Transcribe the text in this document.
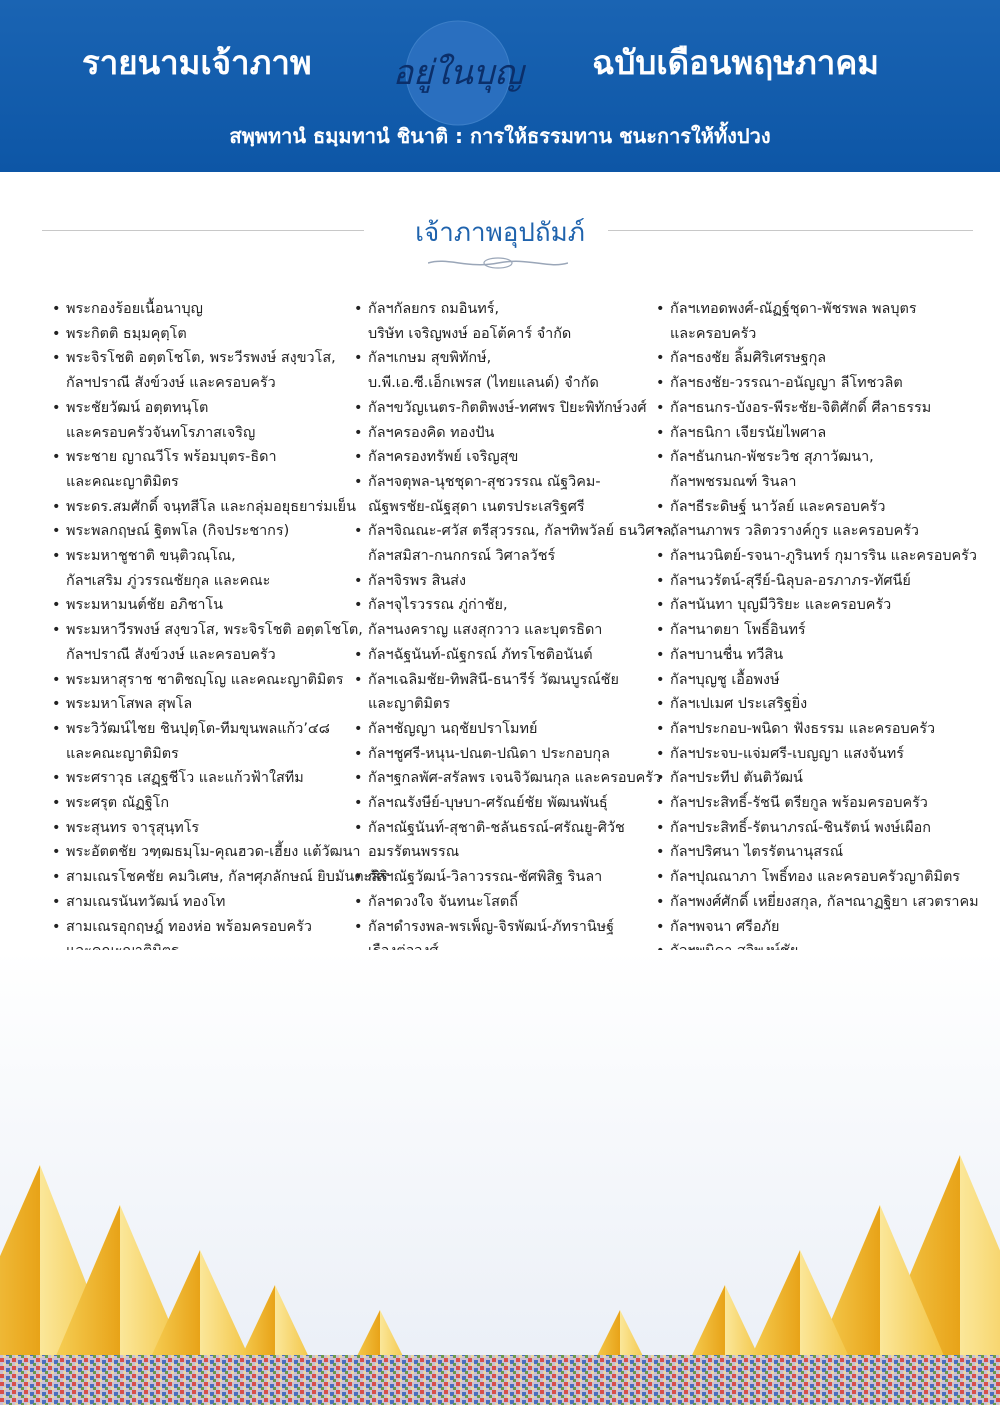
รายนามเจ้าภาพ อยู่ในบุญ ฉบับเดือนพฤษภาคม
สพฺพทานํ ธมฺมทานํ ชินาติ : การให้ธรรมทาน ชนะการให้ทั้งปวง
เจ้าภาพอุปถัมภ์
• พระกองร้อยเนื้อนาบุญ
• พระกิตติ ธมฺมคุตฺโต
• พระจิรโชติ อตฺตโชโต, พระวีรพงษ์ สงฺขวโส,
กัลฯปราณี สังข์วงษ์ และครอบครัว
• พระชัยวัฒน์ อตฺตทนฺโต
และครอบครัวจันทโรภาสเจริญ
• พระชาย ญาณวีโร พร้อมบุตร-ธิดา
และคณะญาติมิตร
• พระดร.สมศักดิ์ จนฺทสีโล และกลุ่มอยุธยาร่มเย็น
• พระพลกฤษณ์ ฐิตพโล (กิจประชากร)
• พระมหาชูชาติ ขนฺติวณฺโณ,
กัลฯเสริม ภู่วรรณชัยกุล และคณะ
• พระมหามนต์ชัย อภิชาโน
• พระมหาวีรพงษ์ สงฺขวโส, พระจิรโชติ อตฺตโชโต,
กัลฯปราณี สังข์วงษ์ และครอบครัว
• พระมหาสุราช ชาติชญฺโญ และคณะญาติมิตร
• พระมหาโสพล สุพโล
• พระวิวัฒน์ไชย ชินปุตฺโต-ทีมขุนพลแก้ว’๔๘
และคณะญาติมิตร
• พระศราวุธ เสฏฺฐชีโว และแก้วฟ้าใสทีม
• พระศรุต ณัฏฐิโก
• พระสุนทร จารุสุนฺทโร
• พระอัตตชัย วฑฺฒธมฺโม-คุณฮวด-เฮี้ยง แต้วัฒนา
• สามเณรโชคชัย คมวิเศษ, กัลฯศุภลักษณ์ ยิบมันตะสิริ
• สามเณรนันทวัฒน์ ทองโท
• สามเณรอุกฤษฎ์ ทองห่อ พร้อมครอบครัว
•
•
•
•
•
• กัลฯกัลยกร ถมอินทร์,
บริษัท เจริญพงษ์ ออโต้คาร์ จำกัด
• กัลฯเกษม สุขพิทักษ์,
บ.พี.เอ.ซี.เอ็กเพรส (ไทยแลนด์) จำกัด
• กัลฯขวัญเนตร-กิตติพงษ์-ทศพร ปิยะพิทักษ์วงศ์
• กัลฯครองคิด ทองปัน
• กัลฯครองทรัพย์ เจริญสุข
• กัลฯจตุพล-นุชชุดา-สุชวรรณ ณัฐวิคม-
ณัฐพรชัย-ณัฐสุดา เนตรประเสริฐศรี
• กัลฯจิณณะ-ศวัส ตรีสุวรรณ, กัลฯทิพวัลย์ ธนวิศาล,
กัลฯสมิสา-กนกกรณ์ วิศาลวัชร์
• กัลฯจิรพร สินส่ง
• กัลฯจุไรวรรณ ภู่ก่าชัย,
กัลฯนงคราญ แสงสุกวาว และบุตรธิดา
• กัลฯฉัฐนันท์-ณัฐกรณ์ ภัทรโชติอนันต์
• กัลฯเฉลิมชัย-ทิพสินี-ธนารีร์ วัฒนบูรณ์ชัย
และญาติมิตร
• กัลฯชัญญา นฤชัยปราโมทย์
• กัลฯชูศรี-หนุน-ปณต-ปณิดา ประกอบกุล
• กัลฯฐกลพัศ-สรัลพร เจนจิวัฒนกุล และครอบครัว
• กัลฯณรังษีย์-บุษบา-ศรัณย์ชัย พัฒนพันธุ์
• กัลฯณัฐนันท์-สุชาติ-ชลันธรณ์-ศรัณยู-ศิวัช
อมรรัตนพรรณ
• กัลฯณัฐวัฒน์-วิลาวรรณ-ชัศพิสิฐ รินลา
• กัลฯดวงใจ จันทนะโสตถิ์
• กัลฯดำรงพล-พรเพ็ญ-จิรพัฒน์-ภัทรานิษฐ์
•
•
•
•
•
•
• กัลฯเทอดพงศ์-ณัฏฐ์ชุดา-พัชรพล พลบุตร
และครอบครัว
• กัลฯธงชัย ลิ้มศิริเศรษฐกุล
• กัลฯธงชัย-วรรณา-อนัญญา ลีโทชวลิต
• กัลฯธนกร-บังอร-พีระชัย-จิติศักดิ์ ศีลาธรรม
• กัลฯธนิกา เจียรนัยไพศาล
• กัลฯธันกนก-พัชระวิช สุภาวัฒนา,
กัลฯพชรมณฑ์ รินลา
• กัลฯธีระดิษฐ์ นาวัลย์ และครอบครัว
• กัลฯนภาพร วลิตวรางค์กูร และครอบครัว
• กัลฯนวนิตย์-รจนา-ภูรินทร์ กุมารริน และครอบครัว
• กัลฯนวรัตน์-สุรีย์-นิลุบล-อรภาภร-ทัศนีย์
• กัลฯนันทา บุญมีวิริยะ และครอบครัว
• กัลฯนาตยา โพธิ์อินทร์
• กัลฯบานชื่น ทวีสิน
• กัลฯบุญชู เอื้อพงษ์
• กัลฯเปเมศ ประเสริฐยิ่ง
• กัลฯประกอบ-พนิดา ฟังธรรม และครอบครัว
• กัลฯประจบ-แจ่มศรี-เบญญา แสงจันทร์
• กัลฯประทีป ตันติวัฒน์
• กัลฯประสิทธิ์-รัชนี ตรียกูล พร้อมครอบครัว
• กัลฯประสิทธิ์-รัตนาภรณ์-ชินรัตน์ พงษ์เผือก
• กัลฯปริศนา ไตรรัตนานุสรณ์
• กัลฯปุณณาภา โพธิ์ทอง และครอบครัวญาติมิตร
• กัลฯพงศ์ศักดิ์ เหยี่ยงสกุล, กัลฯณาฏฐิยา เสวตราคม
• กัลฯพจนา ศรีอภัย
•
•
•
•
•
•
•
